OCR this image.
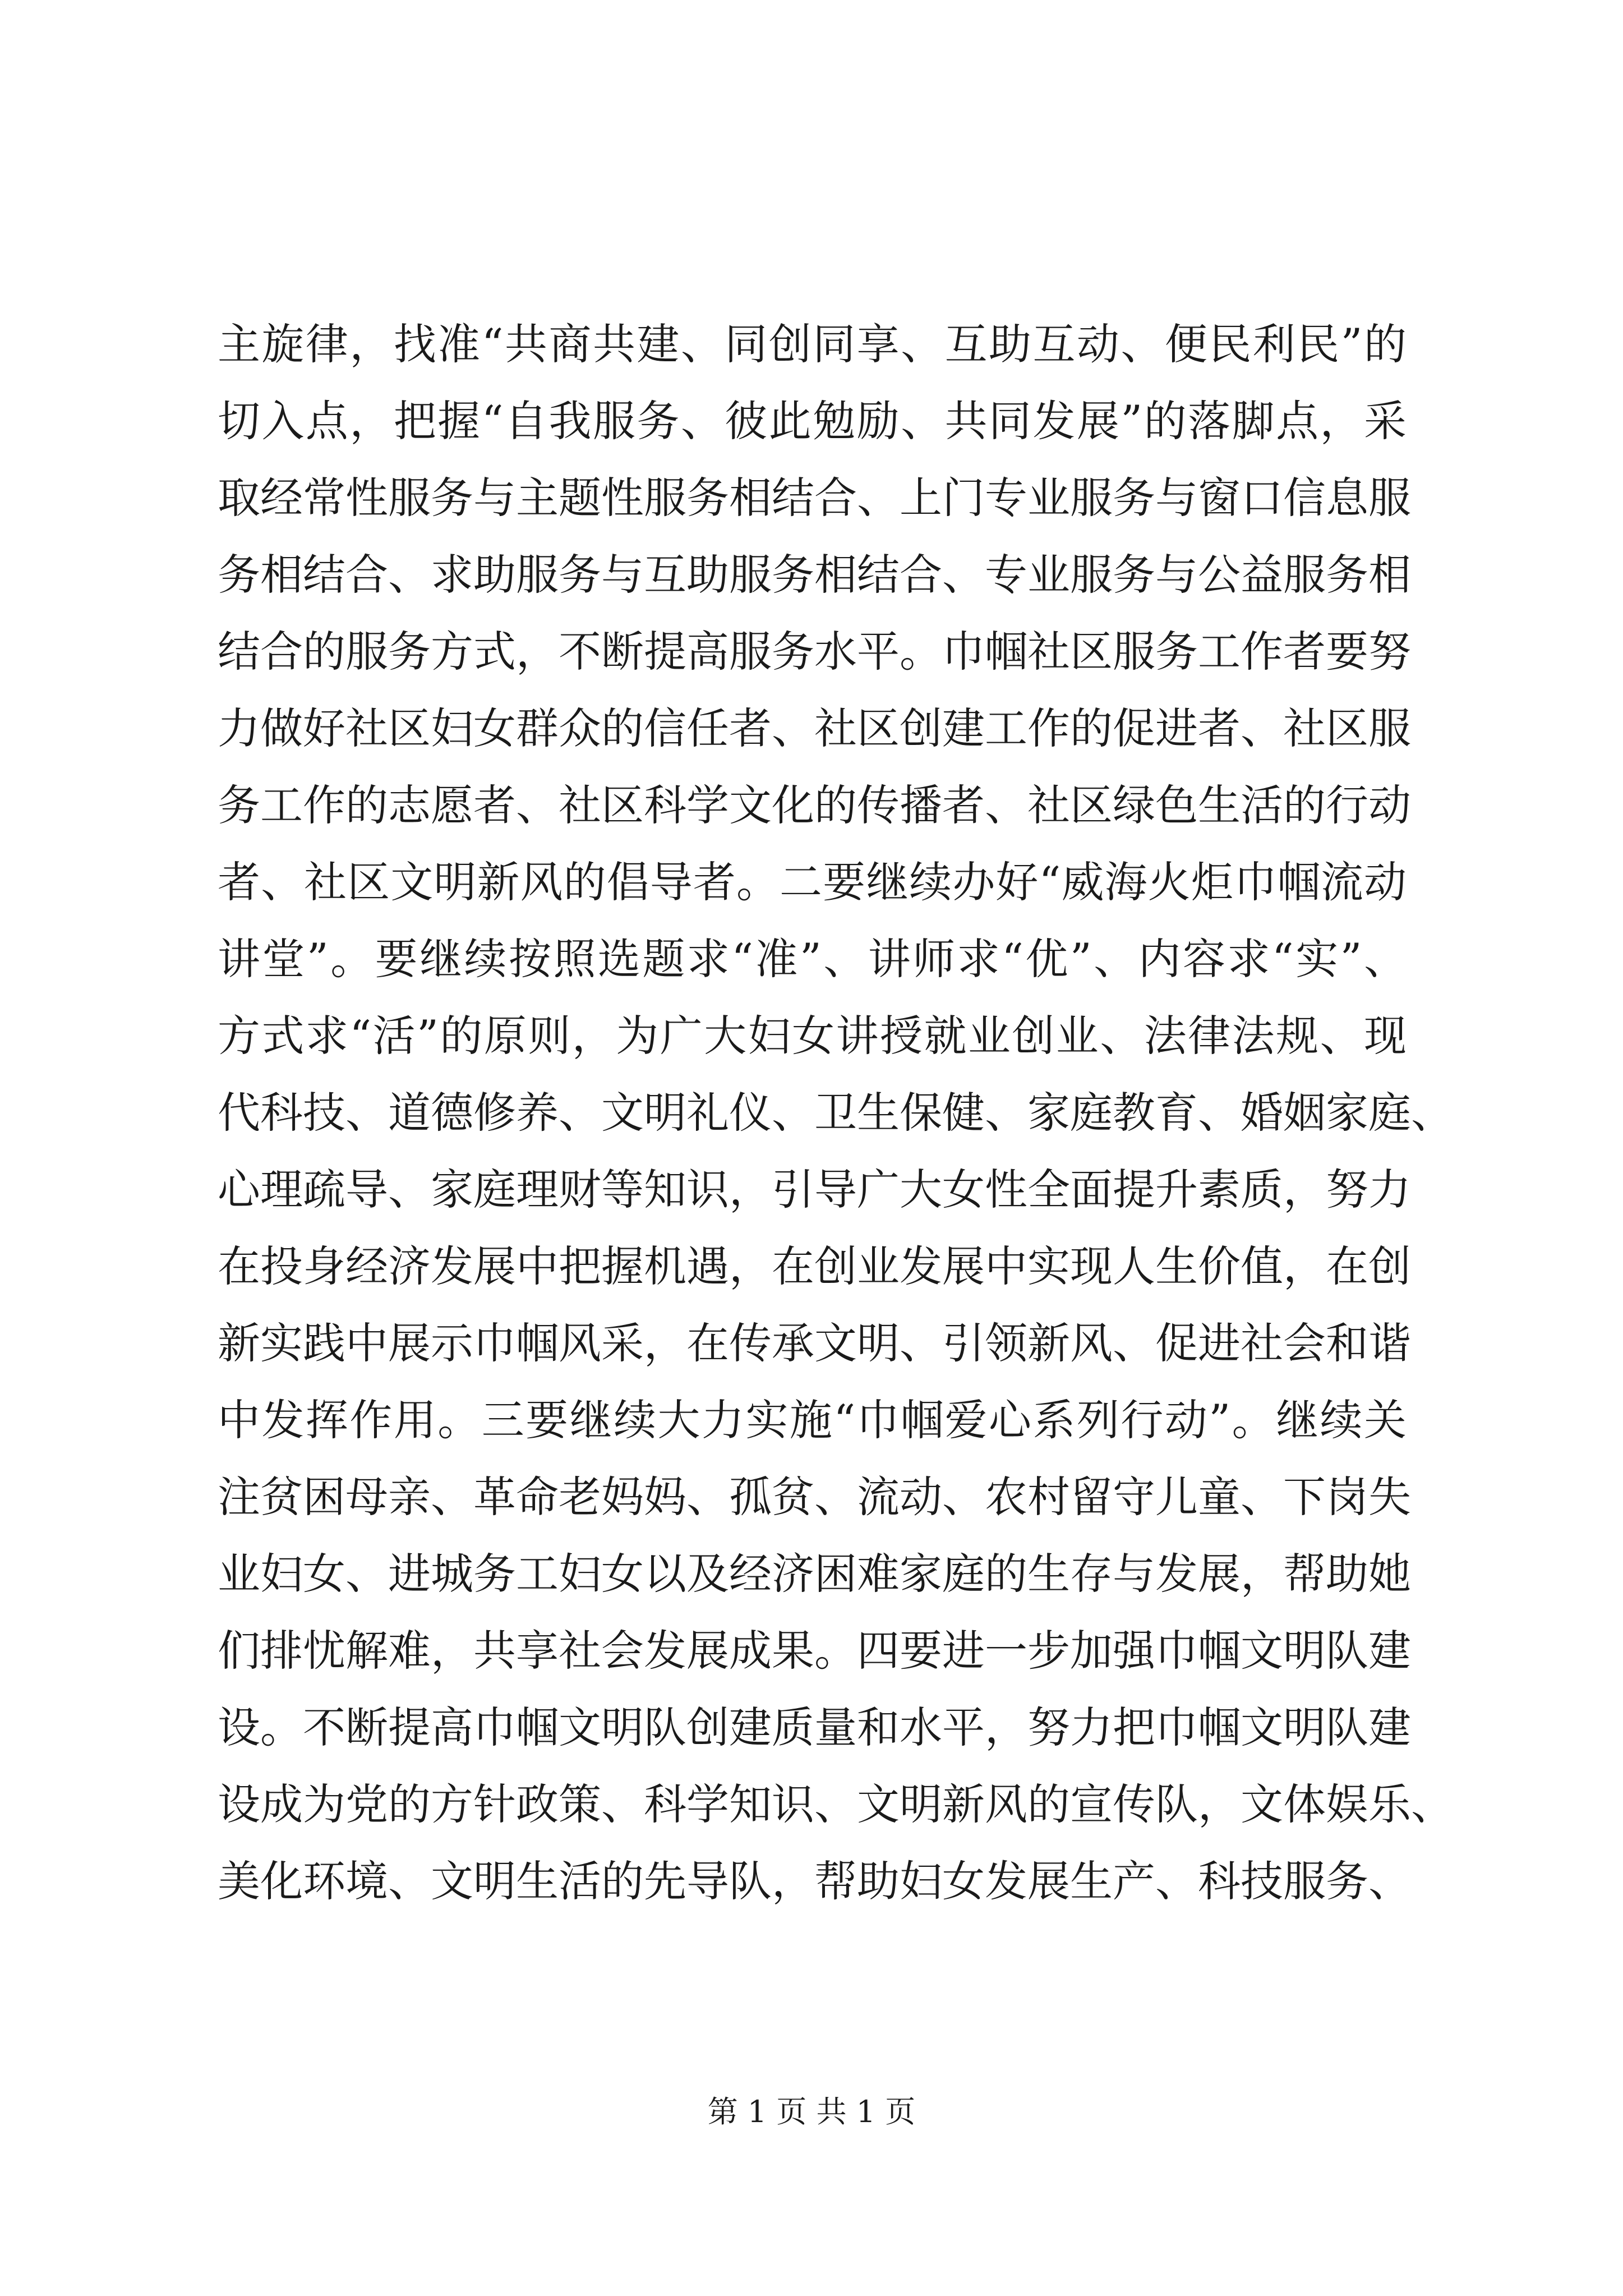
主旋律，找准“共商共建、同创同享、互助互动、便民利民”的
切入点，把握“自我服务、彼此勉励、共同发展”的落脚点，采
取经常性服务与主题性服务相结合、上门专业服务与窗口信息服
务相结合、求助服务与互助服务相结合、专业服务与公益服务相
结合的服务方式，不断提高服务水平。巾帼社区服务工作者要努
力做好社区妇女群众的信任者、社区创建工作的促进者、社区服
务工作的志愿者、社区科学文化的传播者、社区绿色生活的行动
者、社区文明新风的倡导者。二要继续办好“威海火炬巾帼流动
讲堂”。要继续按照选题求“准”、讲师求“优”、内容求“实”、
方式求“活”的原则，为广大妇女讲授就业创业、法律法规、现
代科技、道德修养、文明礼仪、卫生保健、家庭教育、婚姻家庭、
心理疏导、家庭理财等知识，引导广大女性全面提升素质，努力
在投身经济发展中把握机遇，在创业发展中实现人生价值，在创
新实践中展示巾帼风采，在传承文明、引领新风、促进社会和谐
中发挥作用。三要继续大力实施“巾帼爱心系列行动”。继续关
注贫困母亲、革命老妈妈、孤贫、流动、农村留守儿童、下岗失
业妇女、进城务工妇女以及经济困难家庭的生存与发展，帮助她
们排忧解难，共享社会发展成果。四要进一步加强巾帼文明队建
设。不断提高巾帼文明队创建质量和水平，努力把巾帼文明队建
设成为党的方针政策、科学知识、文明新风的宣传队，文体娱乐、
美化环境、文明生活的先导队，帮助妇女发展生产、科技服务、
第 1 页 共 1 页
